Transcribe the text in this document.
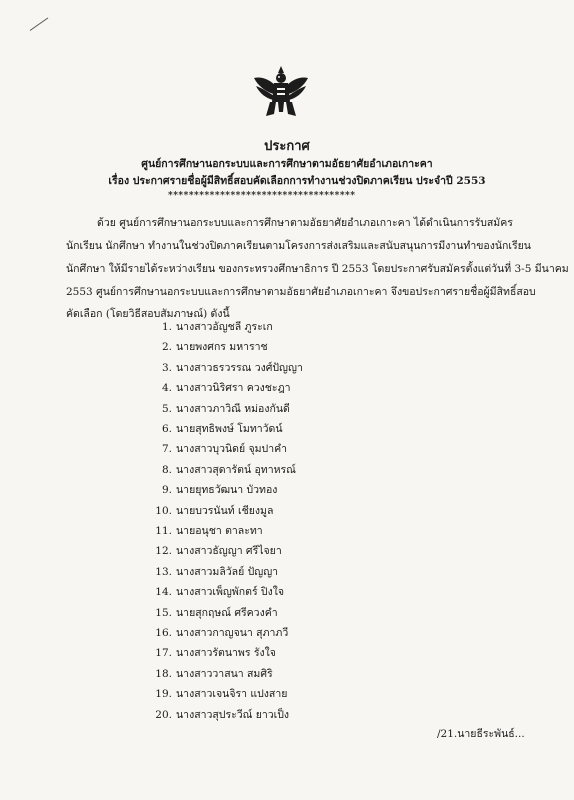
ประกาศ
ศูนย์การศึกษานอกระบบและการศึกษาตามอัธยาศัยอำเภอเกาะคา
เรื่อง ประกาศรายชื่อผู้มีสิทธิ์สอบคัดเลือกการทำงานช่วงปิดภาคเรียน ประจำปี 2553
************************************
ด้วย ศูนย์การศึกษานอกระบบและการศึกษาตามอัธยาศัยอำเภอเกาะคา ได้ดำเนินการรับสมัคร
นักเรียน นักศึกษา ทำงานในช่วงปิดภาคเรียนตามโครงการส่งเสริมและสนับสนุนการมีงานทำของนักเรียน
นักศึกษา ให้มีรายได้ระหว่างเรียน ของกระทรวงศึกษาธิการ ปี 2553 โดยประกาศรับสมัครตั้งแต่วันที่ 3-5 มีนาคม
2553 ศูนย์การศึกษานอกระบบและการศึกษาตามอัธยาศัยอำเภอเกาะคา จึงขอประกาศรายชื่อผู้มีสิทธิ์สอบ
คัดเลือก (โดยวิธีสอบสัมภาษณ์) ดังนี้
1. นางสาวอัญชลี ภูระเก
2. นายพงศกร มหาราช
3. นางสาวธรวรรณ วงศ์ปัญญา
4. นางสาวนิริศรา ควงชะฎา
5. นางสาวภาวิณี หม่องกันดี
6. นายสุทธิพงษ์ โมทาวัดน์
7. นางสาวบุวนิดย์ จุมปาคำ
8. นางสาวสุดารัตน์ อุทาหรณ์
9. นายยุทธวัฒนา บัวทอง
10. นายบวรนันท์ เชียงมูล
11. นายอนุชา ตาละทา
12. นางสาวธัญญา ศรีไจยา
13. นางสาวมลิวัลย์ ปัญญา
14. นางสาวเพ็ญพักตร์ ปิงใจ
15. นายสุกฤษณ์ ศรีควงคำ
16. นางสาวกาญจนา สุภาภวี
17. นางสาวรัตนาพร รังใจ
18. นางสาววาสนา สมศิริ
19. นางสาวเจนจิรา แปงสาย
20. นางสาวสุประวีณ์ ยาวเป็ง
/21.นายธีระพันธ์...
